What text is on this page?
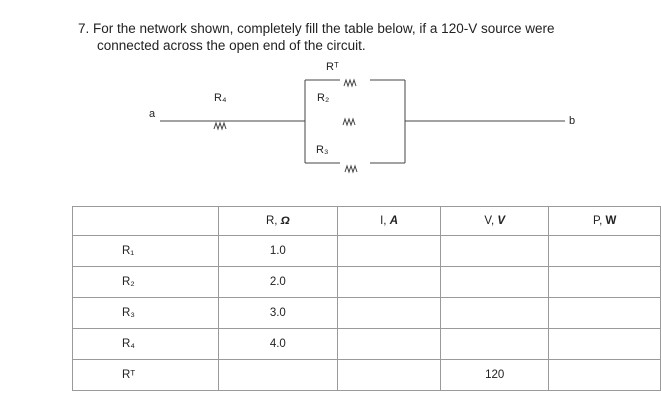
7. For the network shown, completely fill the table below, if a 120-V source were
connected across the open end of the circuit.
Rᵀ
R₄	R₂
R₃
a
b
	R, Ω	I, A	V, V	P, W
R₁	1.0			
R₂	2.0			
R₃	3.0			
R₄	4.0			
Rᵀ			120	
